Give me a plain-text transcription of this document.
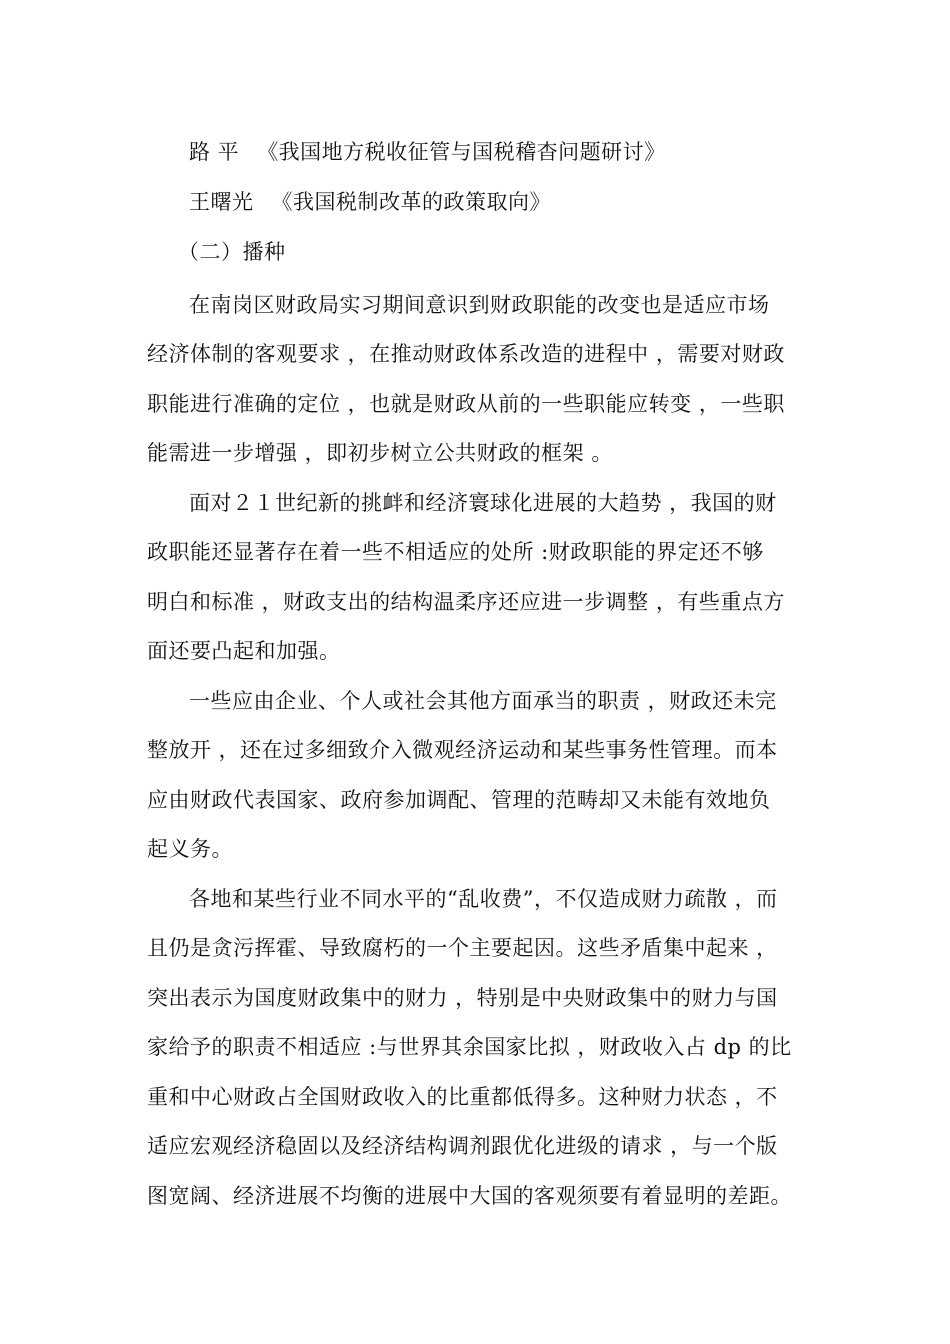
路 平 《我国地方税收征管与国税稽杳问题研讨》
王曙光 《我国税制改革的政策取向》
（二）播种
在南岗区财政局实习期间意识到财政职能的改变也是适应市场
经济体制的客观要求 ，在推动财政体系改造的进程中 ，需要对财政
职能进行准确的定位 ，也就是财政从前的一些职能应转变 ，一些职
能需进一步增强 ，即初步树立公共财政的框架 。
面对２１世纪新的挑衅和经济寰球化进展的大趋势 ，我国的财
政职能还显著存在着一些不相适应的处所 :财政职能的界定还不够
明白和标准 ，财政支出的结构温柔序还应进一步调整 ，有些重点方
面还要凸起和加强。
一些应由企业、个人或社会其他方面承当的职责 ，财政还未完
整放开 ，还在过多细致介入微观经济运动和某些事务性管理。而本
应由财政代表国家、政府参加调配、管理的范畴却又未能有效地负
起义务。
各地和某些行业不同水平的“乱收费”，不仅造成财力疏散 ，而
且仍是贪污挥霍、导致腐朽的一个主要起因。这些矛盾集中起来 ，
突出表示为国度财政集中的财力 ，特别是中央财政集中的财力与国
家给予的职责不相适应 :与世界其余国家比拟 ，财政收入占 dp 的比
重和中心财政占全国财政收入的比重都低得多。这种财力状态 ，不
适应宏观经济稳固以及经济结构调剂跟优化进级的请求 ，与一个版
图宽阔、经济进展不均衡的进展中大国的客观须要有着显明的差距。
